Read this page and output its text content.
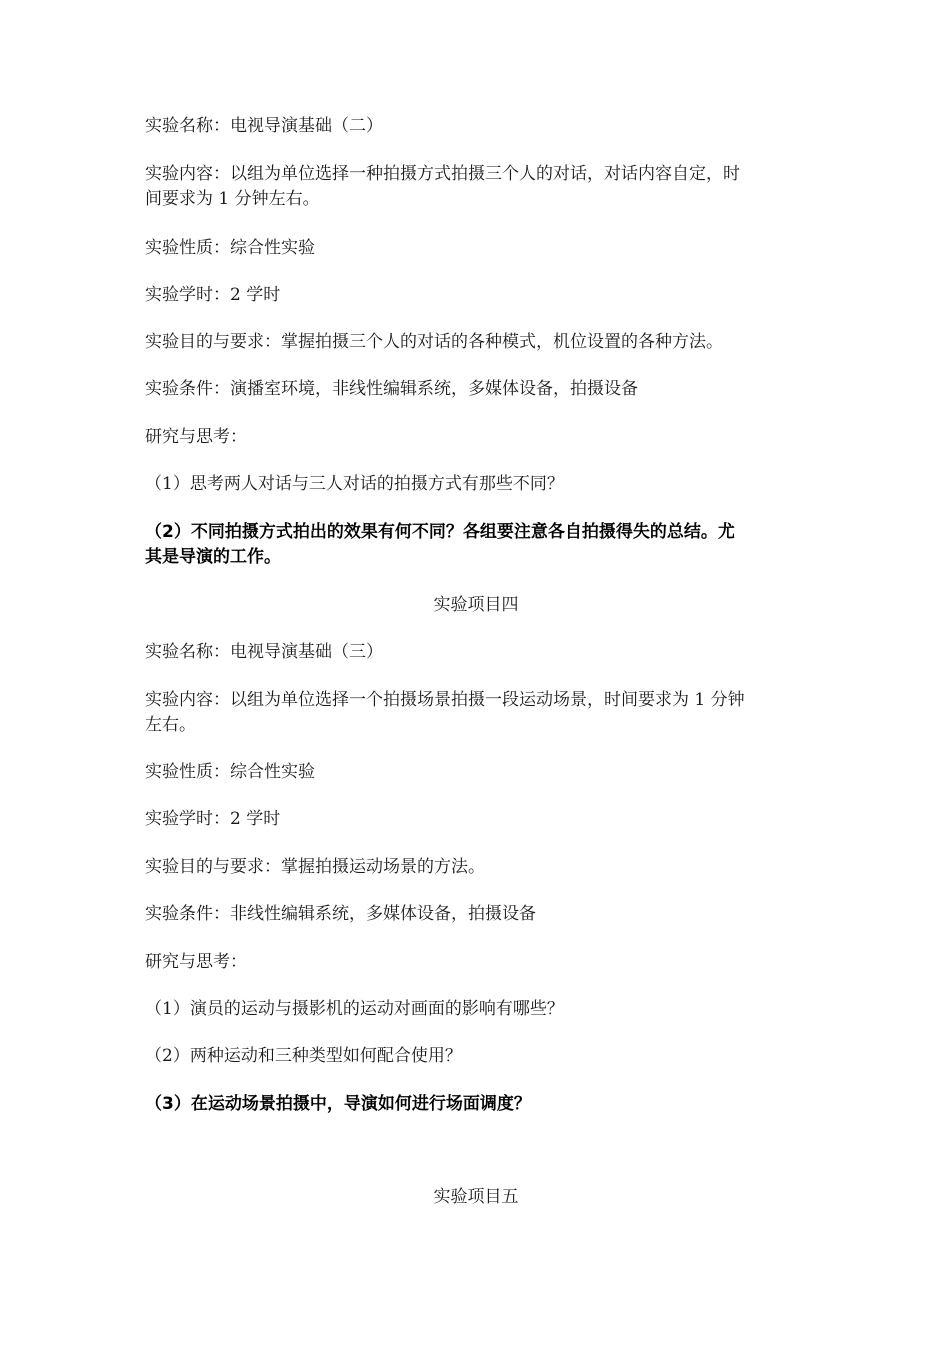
实验名称：电视导演基础（二）
实验内容：以组为单位选择一种拍摄方式拍摄三个人的对话，对话内容自定，时
间要求为 1 分钟左右。
实验性质：综合性实验
实验学时：2 学时
实验目的与要求：掌握拍摄三个人的对话的各种模式，机位设置的各种方法。
实验条件：演播室环境，非线性编辑系统，多媒体设备，拍摄设备
研究与思考：
（1）思考两人对话与三人对话的拍摄方式有那些不同？
（2）不同拍摄方式拍出的效果有何不同？各组要注意各自拍摄得失的总结。尤
其是导演的工作。
实验项目四
实验名称：电视导演基础（三）
实验内容：以组为单位选择一个拍摄场景拍摄一段运动场景，时间要求为 1 分钟
左右。
实验性质：综合性实验
实验学时：2 学时
实验目的与要求：掌握拍摄运动场景的方法。
实验条件：非线性编辑系统，多媒体设备，拍摄设备
研究与思考：
（1）演员的运动与摄影机的运动对画面的影响有哪些？
（2）两种运动和三种类型如何配合使用？
（3）在运动场景拍摄中，导演如何进行场面调度？
实验项目五
